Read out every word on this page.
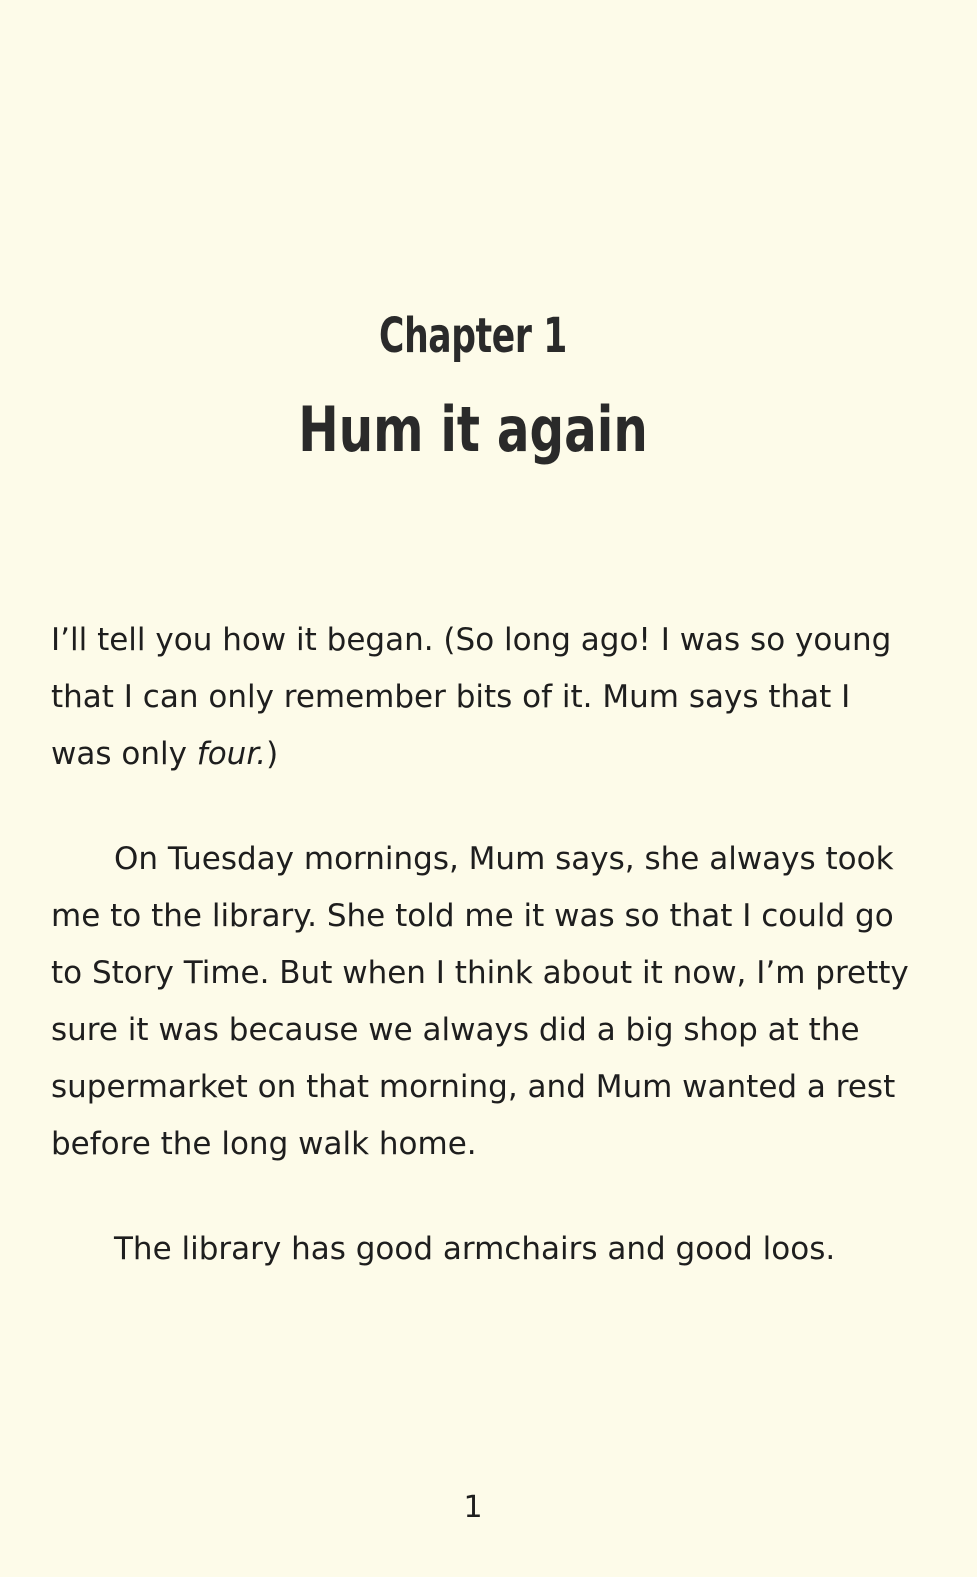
Chapter 1
Hum it again

I’ll tell you how it began. (So long ago! I was so young that I can only remember bits of it. Mum says that I was only four.)

On Tuesday mornings, Mum says, she always took me to the library. She told me it was so that I could go to Story Time. But when I think about it now, I’m pretty sure it was because we always did a big shop at the supermarket on that morning, and Mum wanted a rest before the long walk home.

The library has good armchairs and good loos.

1
